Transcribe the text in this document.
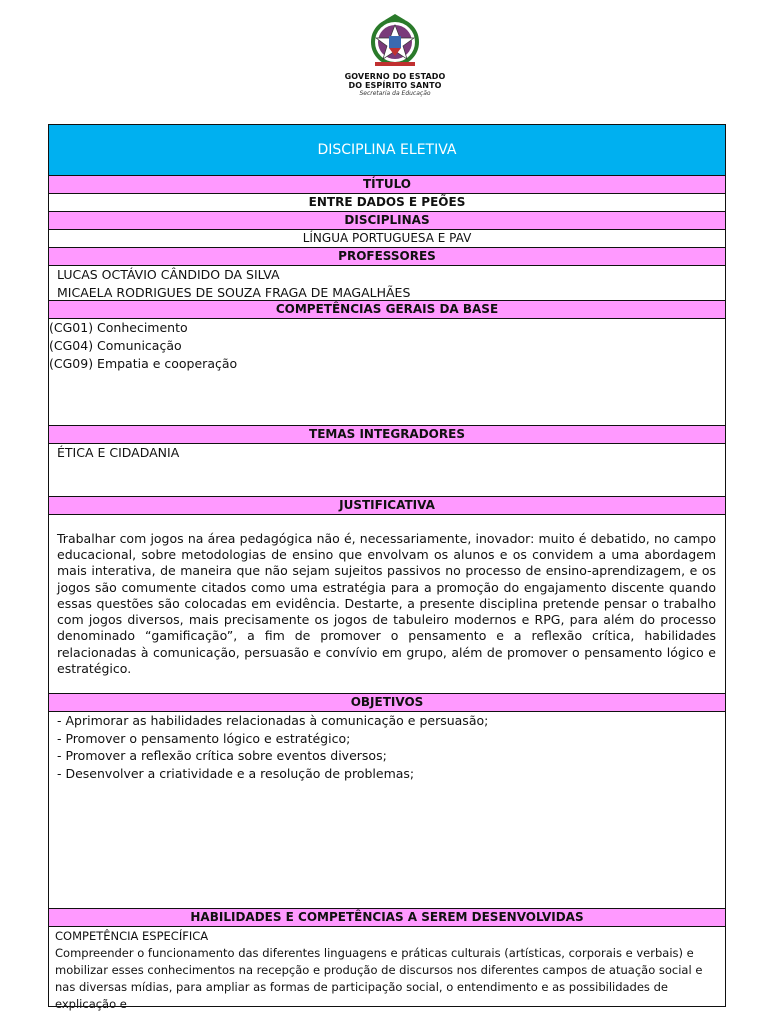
GOVERNO DO ESTADO
DO ESPÍRITO SANTO
Secretaria da Educação
DISCIPLINA ELETIVA
TÍTULO
ENTRE DADOS E PEÕES
DISCIPLINAS
LÍNGUA PORTUGUESA E PAV
PROFESSORES
LUCAS OCTÁVIO CÂNDIDO DA SILVA
MICAELA RODRIGUES DE SOUZA FRAGA DE MAGALHÃES
COMPETÊNCIAS GERAIS DA BASE
(CG01) Conhecimento
(CG04) Comunicação
(CG09) Empatia e cooperação
TEMAS INTEGRADORES
ÉTICA E CIDADANIA
JUSTIFICATIVA
Trabalhar com jogos na área pedagógica não é, necessariamente, inovador: muito é debatido, no campo educacional, sobre metodologias de ensino que envolvam os alunos e os convidem a uma abordagem mais interativa, de maneira que não sejam sujeitos passivos no processo de ensino-aprendizagem, e os jogos são comumente citados como uma estratégia para a promoção do engajamento discente quando essas questões são colocadas em evidência. Destarte, a presente disciplina pretende pensar o trabalho com jogos diversos, mais precisamente os jogos de tabuleiro modernos e RPG, para além do processo denominado “gamificação”, a fim de promover o pensamento e a reflexão crítica, habilidades relacionadas à comunicação, persuasão e convívio em grupo, além de promover o pensamento lógico e estratégico.
OBJETIVOS
- Aprimorar as habilidades relacionadas à comunicação e persuasão;
- Promover o pensamento lógico e estratégico;
- Promover a reflexão crítica sobre eventos diversos;
- Desenvolver a criatividade e a resolução de problemas;
HABILIDADES E COMPETÊNCIAS A SEREM DESENVOLVIDAS
COMPETÊNCIA ESPECÍFICA
Compreender o funcionamento das diferentes linguagens e práticas culturais (artísticas, corporais e verbais) e mobilizar esses conhecimentos na recepção e produção de discursos nos diferentes campos de atuação social e nas diversas mídias, para ampliar as formas de participação social, o entendimento e as possibilidades de explicação e
